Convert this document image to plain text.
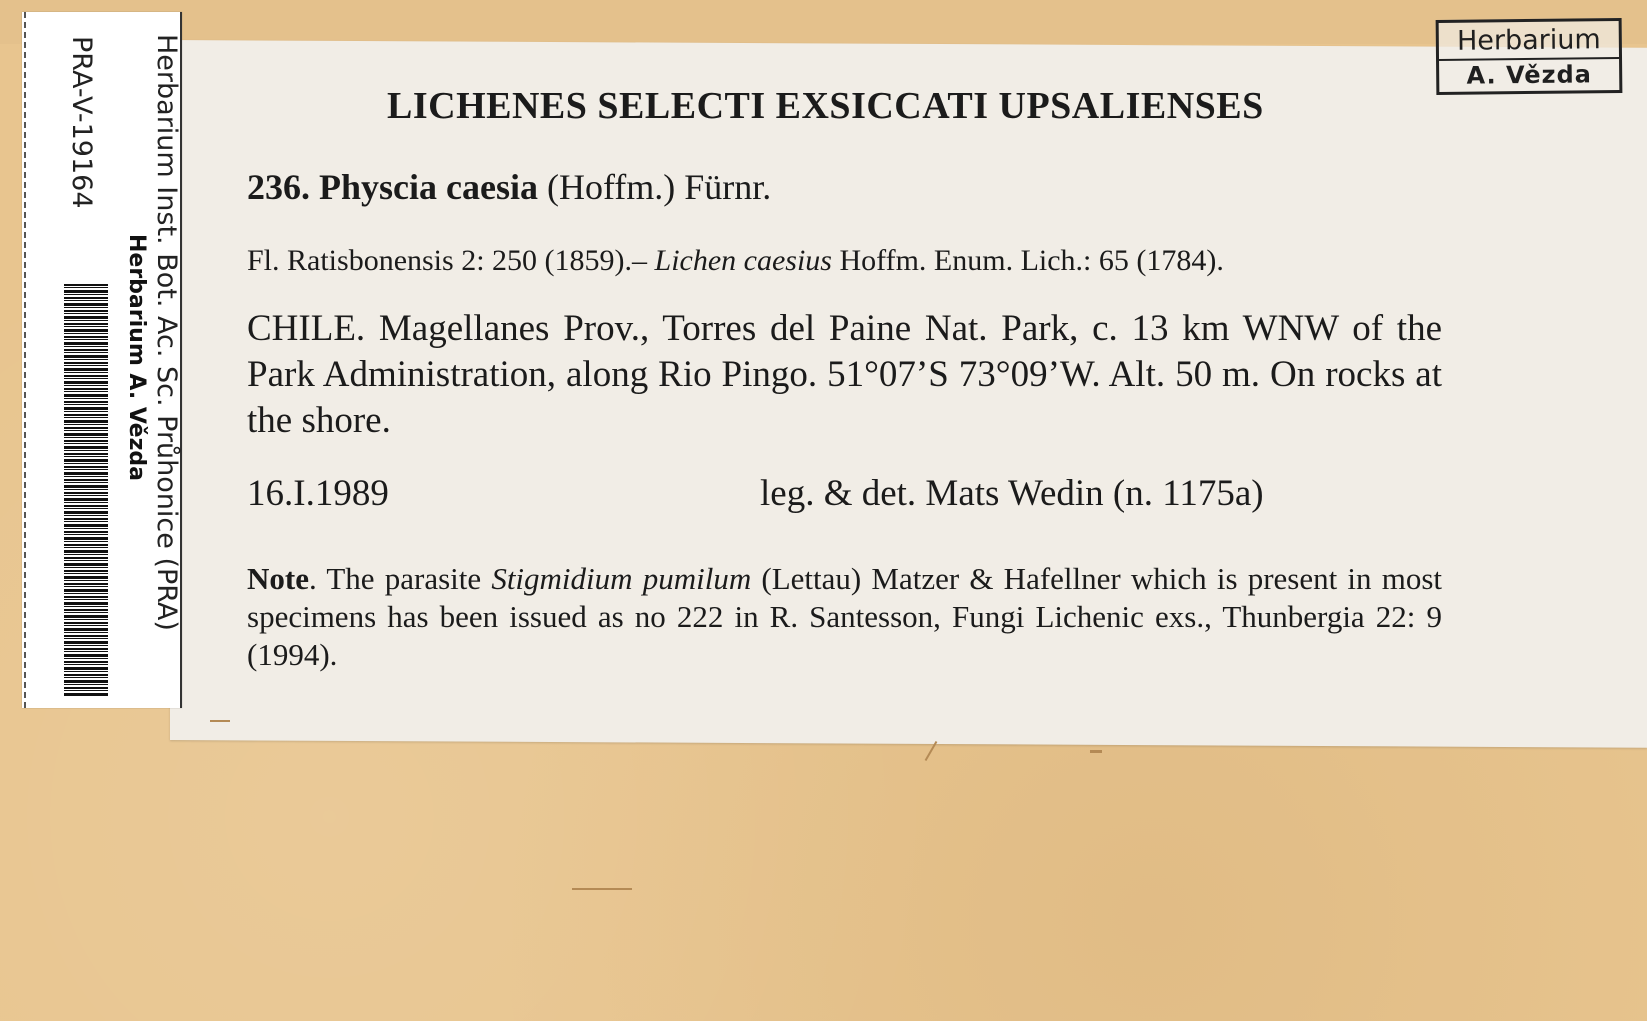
Herbarium
A. Vězda
Herbarium Inst. Bot. Ac. Sc. Průhonice (PRA)
Herbarium A. Vězda
PRA-V-19164	LICHENES SELECTI EXSICCATI UPSALIENSES
236. Physcia caesia (Hoffm.) Fürnr.
Fl. Ratisbonensis 2: 250 (1859).– Lichen caesius Hoffm. Enum. Lich.: 65 (1784).
CHILE. Magellanes Prov., Torres del Paine Nat. Park, c. 13 km WNW of the Park Administration, along Rio Pingo. 51°07’S 73°09’W. Alt. 50 m. On rocks at the shore.
16.I.1989	leg. & det. Mats Wedin (n. 1175a)
Note. The parasite Stigmidium pumilum (Lettau) Matzer & Hafellner which is present in most specimens has been issued as no 222 in R. Santesson, Fungi Lichenic exs., Thunbergia 22: 9 (1994).
